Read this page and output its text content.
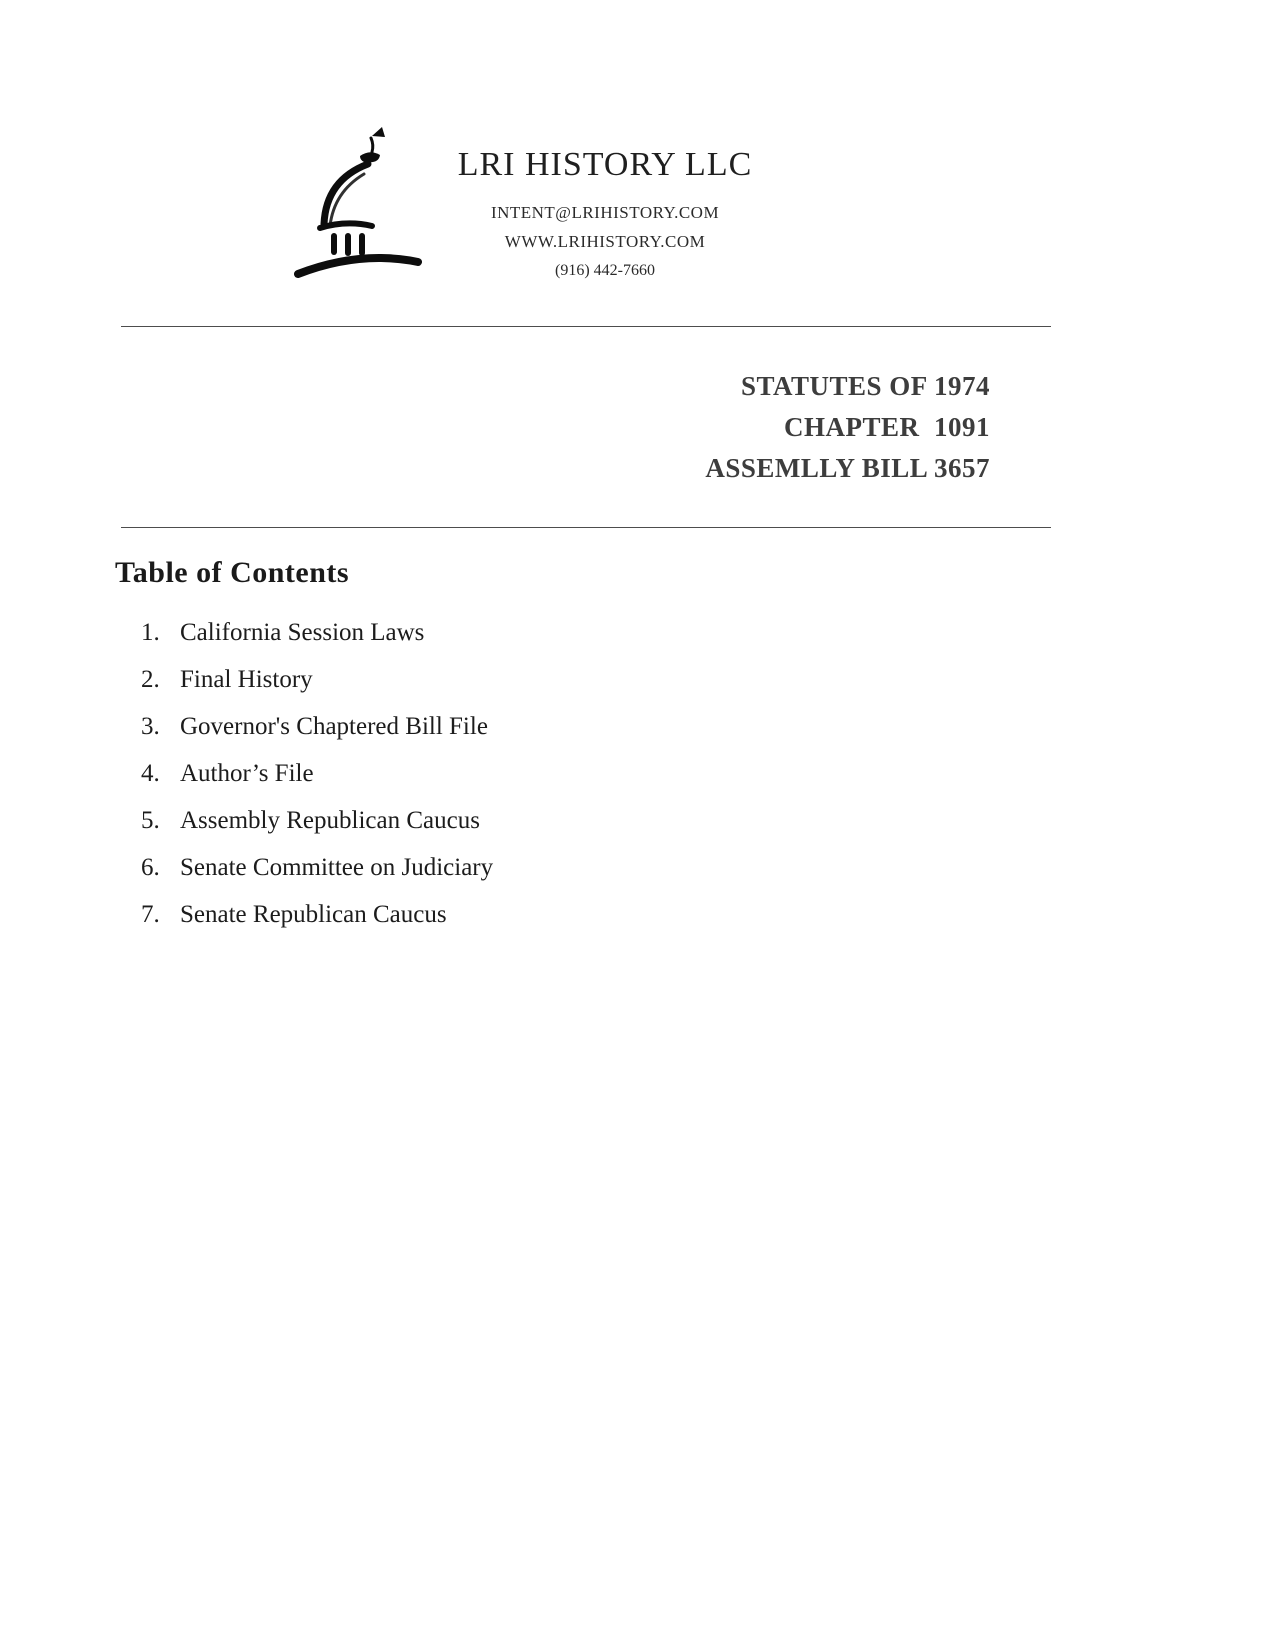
LRI HISTORY LLC
INTENT@LRIHISTORY.COM
WWW.LRIHISTORY.COM
(916) 442-7660
STATUTES OF 1974
CHAPTER  1091
ASSEMLLY BILL 3657
Table of Contents
1. California Session Laws
2. Final History
3. Governor's Chaptered Bill File
4. Author’s File
5. Assembly Republican Caucus
6. Senate Committee on Judiciary
7. Senate Republican Caucus
